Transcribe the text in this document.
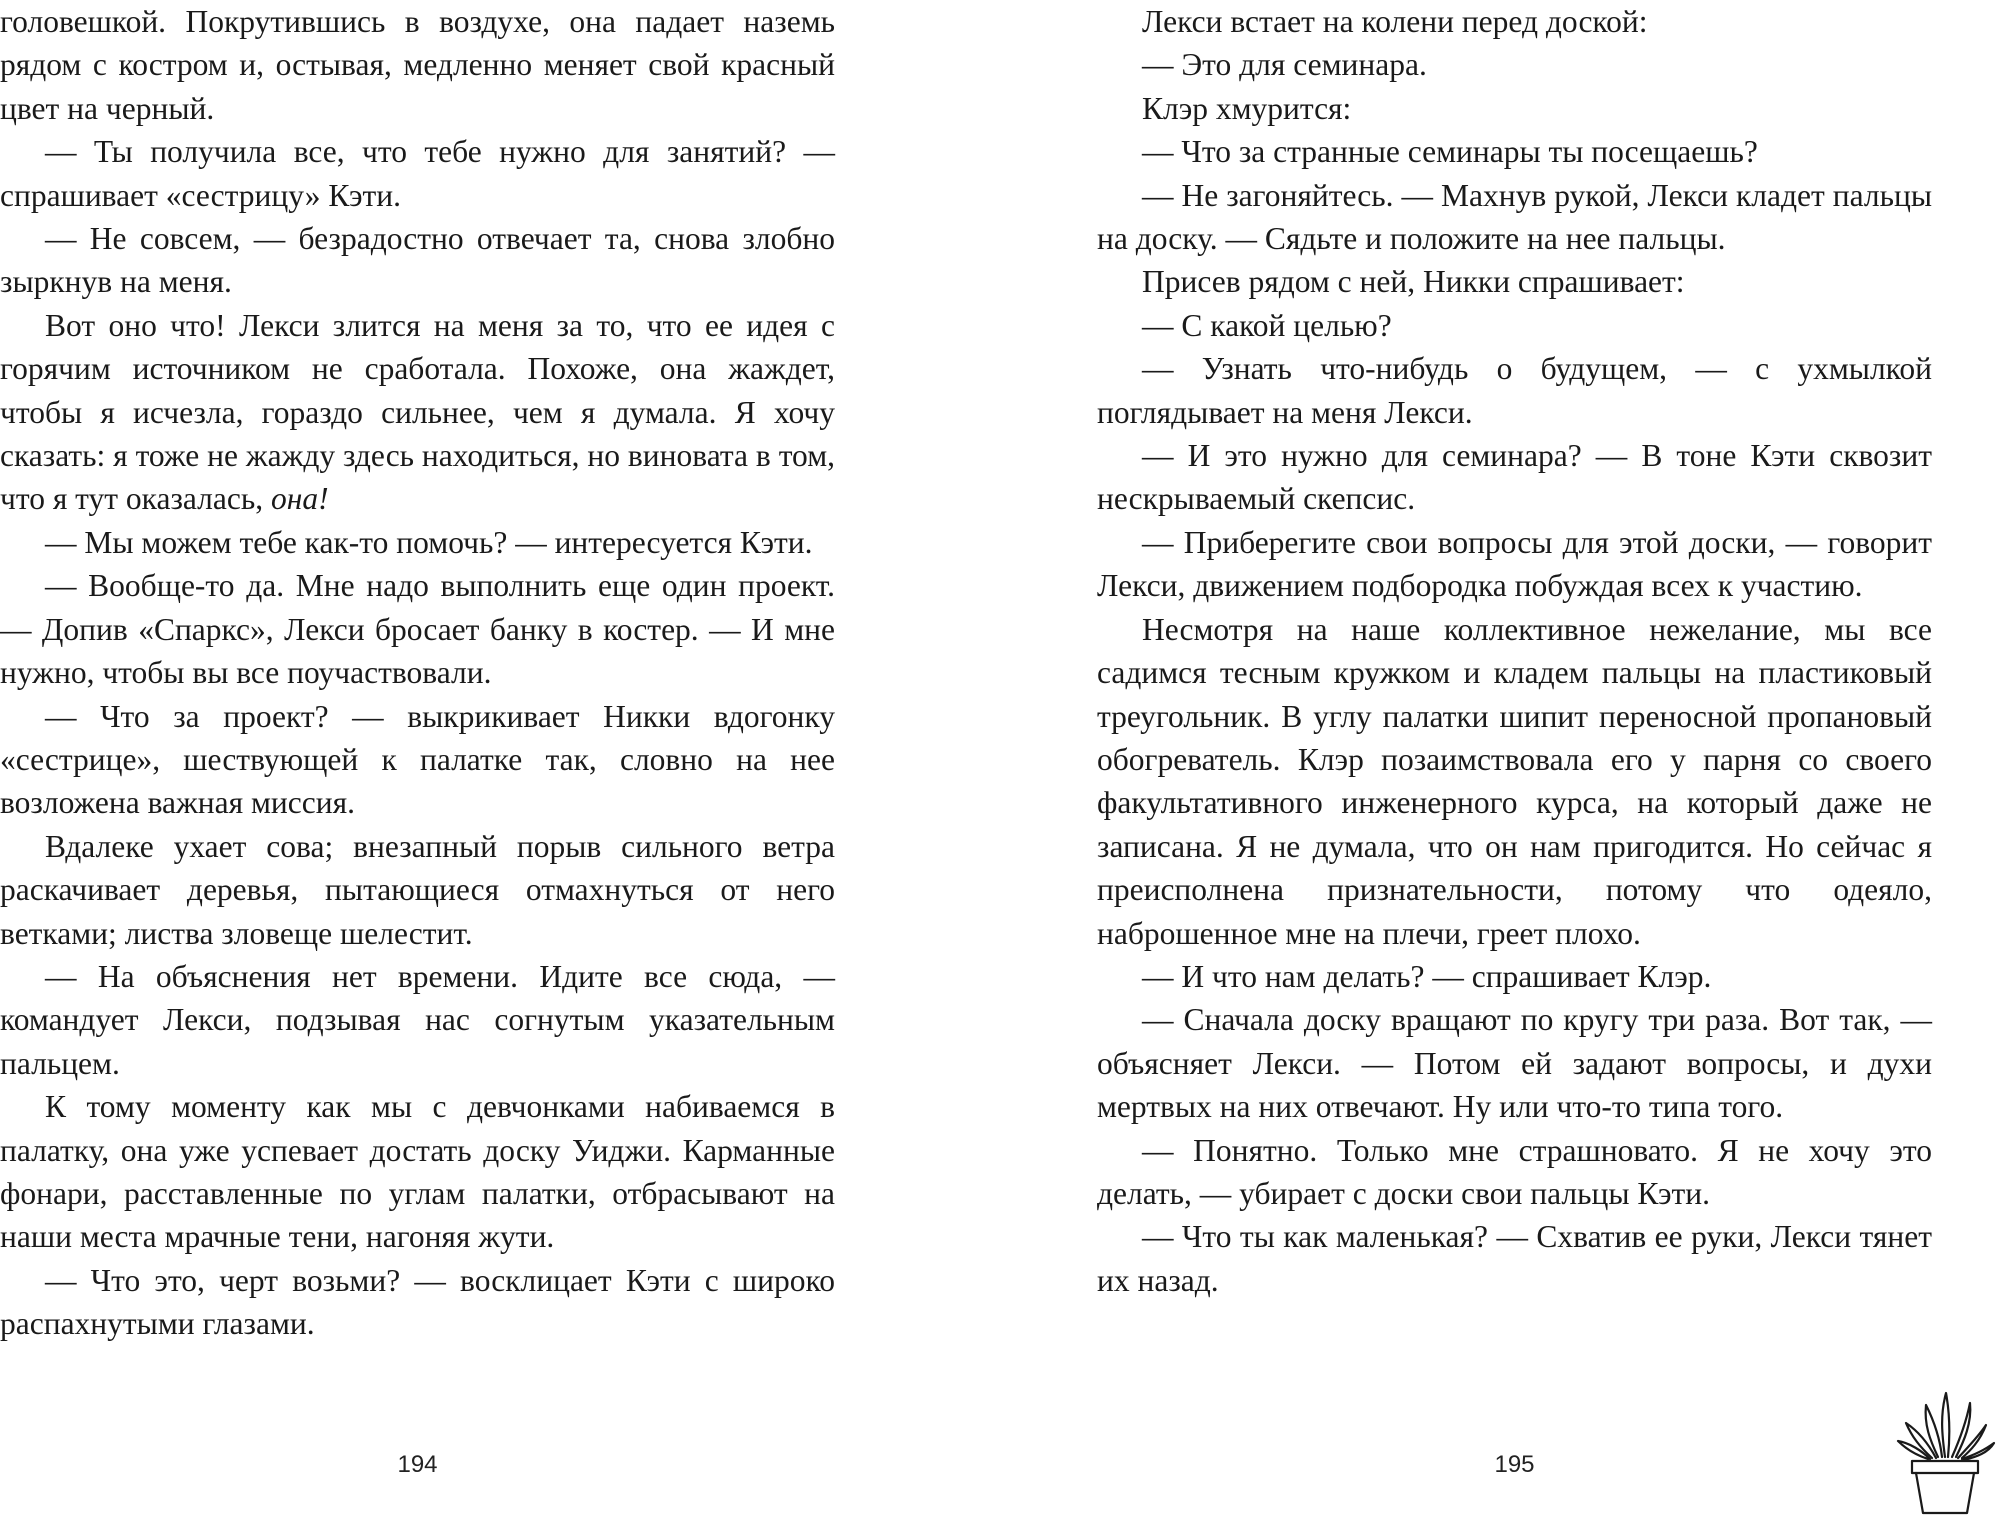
головешкой. Покрутившись в воздухе, она падает наземь рядом с костром и, остывая, медленно меняет свой красный цвет на черный.

— Ты получила все, что тебе нужно для занятий? — спрашивает «сестрицу» Кэти.

— Не совсем, — безрадостно отвечает та, снова злобно зыркнув на меня.

Вот оно что! Лекси злится на меня за то, что ее идея с горячим источником не сработала. Похоже, она жаждет, чтобы я исчезла, гораздо сильнее, чем я думала. Я хочу сказать: я тоже не жажду здесь находиться, но виновата в том, что я тут оказалась, она!

— Мы можем тебе как-то помочь? — интересуется Кэти.

— Вообще-то да. Мне надо выполнить еще один проект. — Допив «Спаркс», Лекси бросает банку в костер. — И мне нужно, чтобы вы все поучаствовали.

— Что за проект? — выкрикивает Никки вдогонку «сестрице», шествующей к палатке так, словно на нее возложена важная миссия.

Вдалеке ухает сова; внезапный порыв сильного ветра раскачивает деревья, пытающиеся отмахнуться от него ветками; листва зловеще шелестит.

— На объяснения нет времени. Идите все сюда, — командует Лекси, подзывая нас согнутым указательным пальцем.

К тому моменту как мы с девчонками набиваемся в палатку, она уже успевает достать доску Уиджи. Карманные фонари, расставленные по углам палатки, отбрасывают на наши места мрачные тени, нагоняя жути.

— Что это, черт возьми? — восклицает Кэти с широко распахнутыми глазами.

194

Лекси встает на колени перед доской:

— Это для семинара.

Клэр хмурится:

— Что за странные семинары ты посещаешь?

— Не загоняйтесь. — Махнув рукой, Лекси кладет пальцы на доску. — Сядьте и положите на нее пальцы.

Присев рядом с ней, Никки спрашивает:

— С какой целью?

— Узнать что-нибудь о будущем, — с ухмылкой поглядывает на меня Лекси.

— И это нужно для семинара? — В тоне Кэти сквозит нескрываемый скепсис.

— Приберегите свои вопросы для этой доски, — говорит Лекси, движением подбородка побуждая всех к участию.

Несмотря на наше коллективное нежелание, мы все садимся тесным кружком и кладем пальцы на пластиковый треугольник. В углу палатки шипит переносной пропановый обогреватель. Клэр позаимствовала его у парня со своего факультативного инженерного курса, на который даже не записана. Я не думала, что он нам пригодится. Но сейчас я преисполнена признательности, потому что одеяло, наброшенное мне на плечи, греет плохо.

— И что нам делать? — спрашивает Клэр.

— Сначала доску вращают по кругу три раза. Вот так, — объясняет Лекси. — Потом ей задают вопросы, и духи мертвых на них отвечают. Ну или что-то типа того.

— Понятно. Только мне страшновато. Я не хочу это делать, — убирает с доски свои пальцы Кэти.

— Что ты как маленькая? — Схватив ее руки, Лекси тянет их назад.

195
